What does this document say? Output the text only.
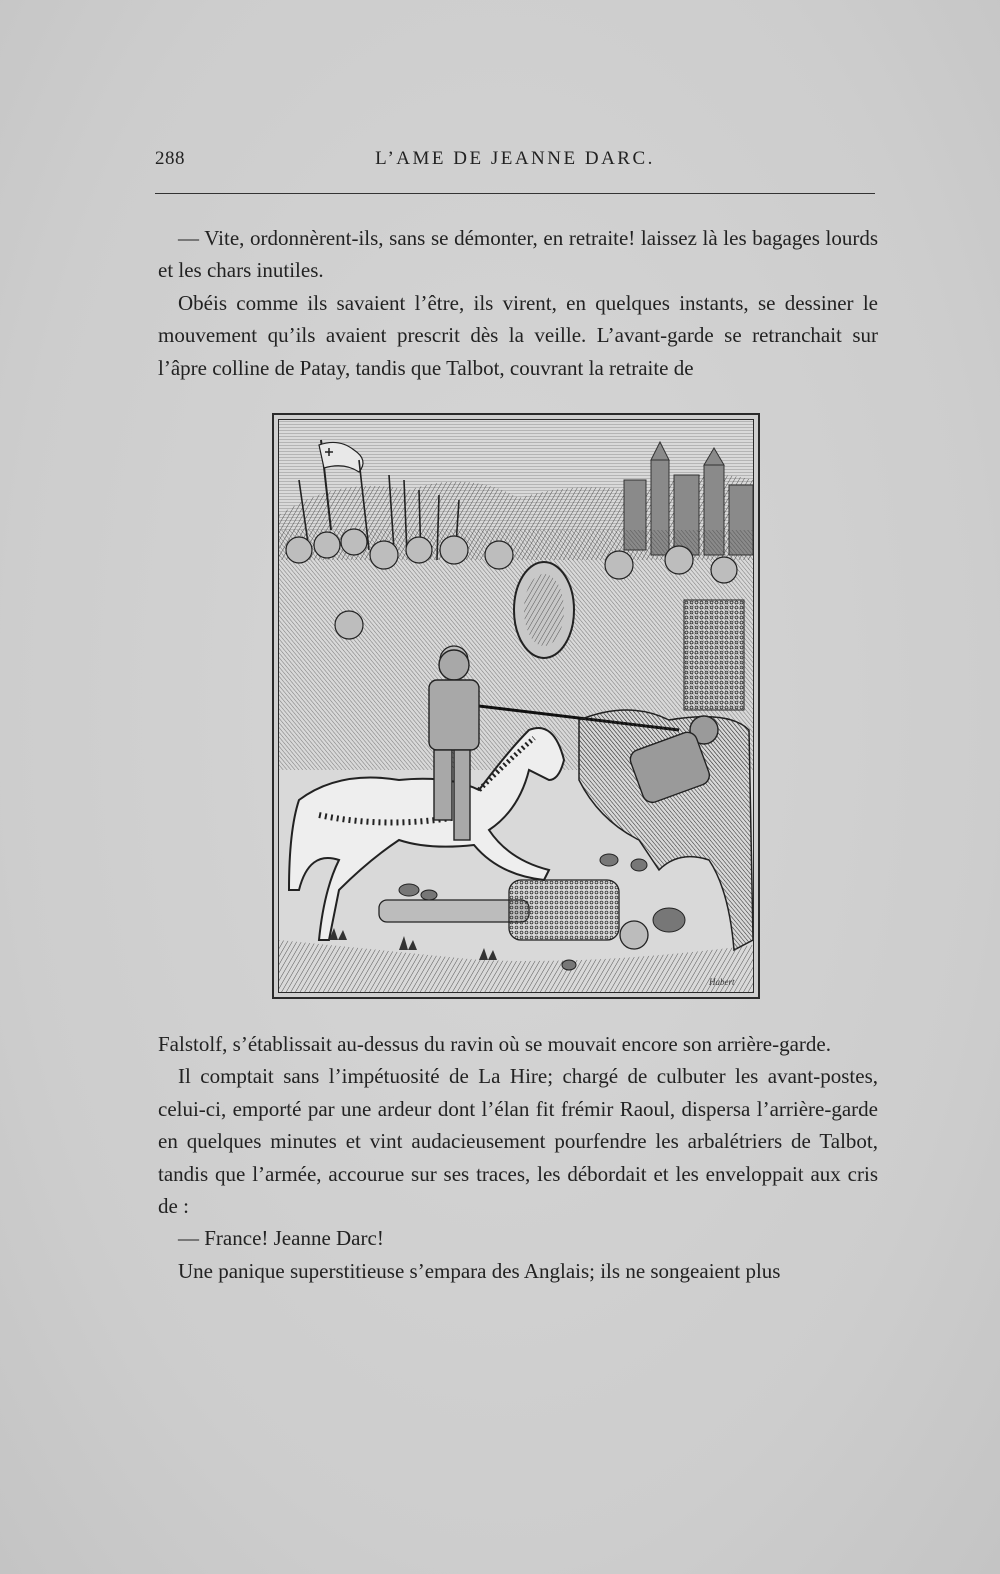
288	L’AME DE JEANNE DARC.

— Vite, ordonnèrent-ils, sans se démonter, en retraite! laissez là les bagages lourds et les chars inutiles.

Obéis comme ils savaient l’être, ils virent, en quelques instants, se dessiner le mouvement qu’ils avaient prescrit dès la veille. L’avant-garde se retranchait sur l’âpre colline de Patay, tandis que Talbot, couvrant la retraite de

Habert

Falstolf, s’établissait au-dessus du ravin où se mouvait encore son arrière-garde.

Il comptait sans l’impétuosité de La Hire; chargé de culbuter les avant-postes, celui-ci, emporté par une ardeur dont l’élan fit frémir Raoul, dispersa l’arrière-garde en quelques minutes et vint audacieusement pourfendre les arbalétriers de Talbot, tandis que l’armée, accourue sur ses traces, les débordait et les enveloppait aux cris de :

— France! Jeanne Darc!

Une panique superstitieuse s’empara des Anglais; ils ne songeaient plus
